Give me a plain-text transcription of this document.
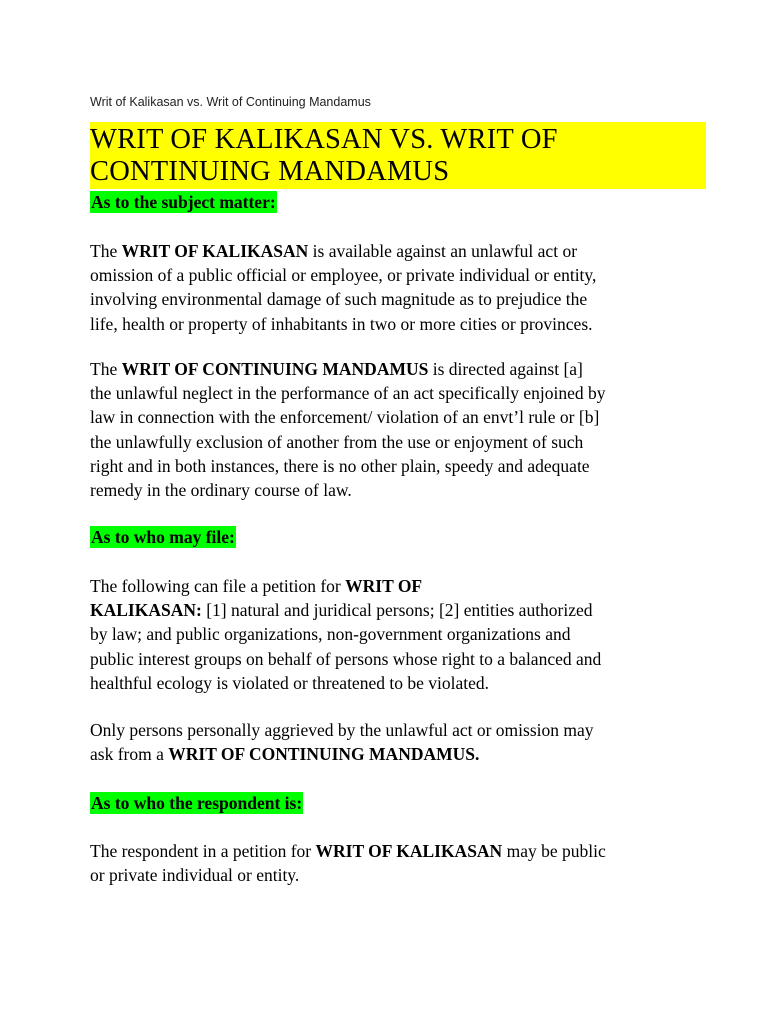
Writ of Kalikasan vs. Writ of Continuing Mandamus
WRIT OF KALIKASAN VS. WRIT OF
CONTINUING MANDAMUS
As to the subject matter:

The WRIT OF KALIKASAN is available against an unlawful act or
omission of a public official or employee, or private individual or entity,
involving environmental damage of such magnitude as to prejudice the
life, health or property of inhabitants in two or more cities or provinces.

The WRIT OF CONTINUING MANDAMUS is directed against [a]
the unlawful neglect in the performance of an act specifically enjoined by
law in connection with the enforcement/ violation of an envt’l rule or [b]
the unlawfully exclusion of another from the use or enjoyment of such
right and in both instances, there is no other plain, speedy and adequate
remedy in the ordinary course of law.

As to who may file:

The following can file a petition for WRIT OF
KALIKASAN: [1] natural and juridical persons; [2] entities authorized
by law; and public organizations, non-government organizations and
public interest groups on behalf of persons whose right to a balanced and
healthful ecology is violated or threatened to be violated.

Only persons personally aggrieved by the unlawful act or omission may
ask from a WRIT OF CONTINUING MANDAMUS.

As to who the respondent is:

The respondent in a petition for WRIT OF KALIKASAN may be public
or private individual or entity.
